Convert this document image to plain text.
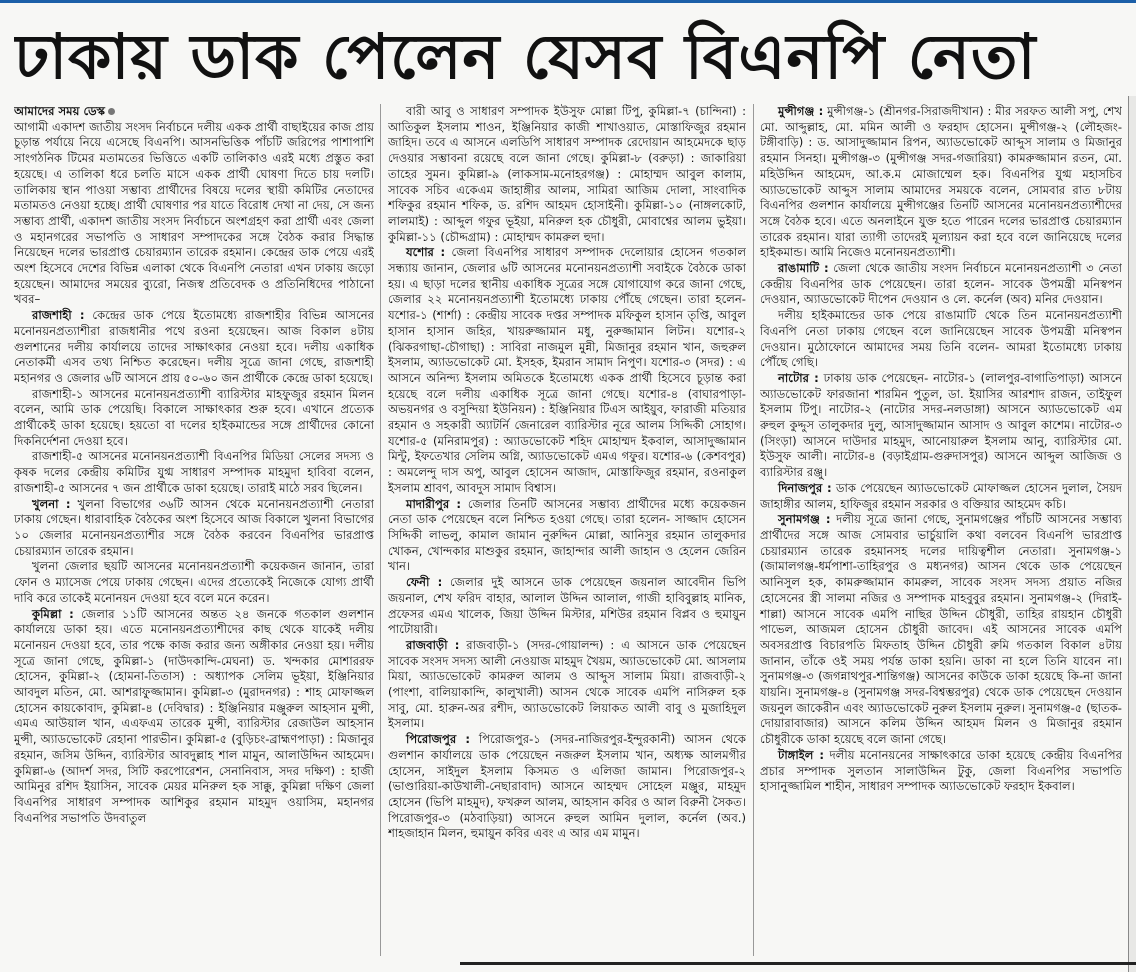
ঢাকায় ডাক পেলেন যেসব বিএনপি নেতা

আমাদের সময় ডেস্ক

আগামী একাদশ জাতীয় সংসদ নির্বাচনে দলীয় একক প্রার্থী বাছাইয়ের কাজ প্রায় চূড়ান্ত পর্যায়ে নিয়ে এসেছে বিএনপি। আসনভিত্তিক পাঁচটি জরিপের পাশাপাশি সাংগঠনিক টিমের মতামতের ভিত্তিতে একটি তালিকাও এরই মধ্যে প্রস্তুত করা হয়েছে। এ তালিকা ধরে চলতি মাসে একক প্রার্থী ঘোষণা দিতে চায় দলটি। তালিকায় স্থান পাওয়া সম্ভাব্য প্রার্থীদের বিষয়ে দলের স্থায়ী কমিটির নেতাদের মতামতও নেওয়া হচ্ছে। প্রার্থী ঘোষণার পর যাতে বিরোধ দেখা না দেয়, সে জন্য সম্ভাব্য প্রার্থী, একাদশ জাতীয় সংসদ নির্বাচনে অংশগ্রহণ করা প্রার্থী এবং জেলা ও মহানগরের সভাপতি ও সাধারণ সম্পাদকের সঙ্গে বৈঠক করার সিদ্ধান্ত নিয়েছেন দলের ভারপ্রাপ্ত চেয়ারম্যান তারেক রহমান। কেন্দ্রের ডাক পেয়ে এরই অংশ হিসেবে দেশের বিভিন্ন এলাকা থেকে বিএনপি নেতারা এখন ঢাকায় জড়ো হয়েছেন। আমাদের সময়ের ব্যুরো, নিজস্ব প্রতিবেদক ও প্রতিনিধিদের পাঠানো খবর–

রাজশাহী : কেন্দ্রের ডাক পেয়ে ইতোমধ্যে রাজশাহীর বিভিন্ন আসনের মনোনয়নপ্রত্যাশীরা রাজধানীর পথে রওনা হয়েছেন। আজ বিকাল ৪টায় গুলশানের দলীয় কার্যালয়ে তাদের সাক্ষাৎকার নেওয়া হবে। দলীয় একাধিক নেতাকর্মী এসব তথ্য নিশ্চিত করেছেন। দলীয় সূত্রে জানা গেছে, রাজশাহী মহানগর ও জেলার ৬টি আসনে প্রায় ৫০-৬০ জন প্রার্থীকে কেন্দ্রে ডাকা হয়েছে।

রাজশাহী-১ আসনের মনোনয়নপ্রত্যাশী ব্যারিস্টার মাহফুজুর রহমান মিলন বলেন, আমি ডাক পেয়েছি। বিকালে সাক্ষাৎকার শুরু হবে। এখানে প্রত্যেক প্রার্থীকেই ডাকা হয়েছে। হয়তো বা দলের হাইকমান্ডের সঙ্গে প্রার্থীদের কোনো দিকনির্দেশনা দেওয়া হবে।

রাজশাহী-৫ আসনের মনোনয়নপ্রত্যাশী বিএনপির মিডিয়া সেলের সদস্য ও কৃষক দলের কেন্দ্রীয় কমিটির যুগ্ম সাধারণ সম্পাদক মাহমুদা হাবিবা বলেন, রাজশাহী-৫ আসনের ৭ জন প্রার্থীকে ডাকা হয়েছে। তারাই মাঠে সরব ছিলেন।

খুলনা : খুলনা বিভাগের ৩৬টি আসন থেকে মনোনয়নপ্রত্যাশী নেতারা ঢাকায় গেছেন। ধারাবাহিক বৈঠকের অংশ হিসেবে আজ বিকালে খুলনা বিভাগের ১০ জেলার মনোনয়নপ্রত্যাশীর সঙ্গে বৈঠক করবেন বিএনপির ভারপ্রাপ্ত চেয়ারম্যান তারেক রহমান।

খুলনা জেলার ছয়টি আসনের মনোনয়নপ্রত্যাশী কয়েকজন জানান, তারা ফোন ও ম্যাসেজ পেয়ে ঢাকায় গেছেন। এদের প্রত্যেকেই নিজেকে যোগ্য প্রার্থী দাবি করে তাকেই মনোনয়ন দেওয়া হবে বলে মনে করেন।

কুমিল্লা : জেলার ১১টি আসনের অন্তত ২৪ জনকে গতকাল গুলশান কার্যালয়ে ডাকা হয়। এতে মনোনয়নপ্রত্যাশীদের কাছ থেকে যাকেই দলীয় মনোনয়ন দেওয়া হবে, তার পক্ষে কাজ করার জন্য অঙ্গীকার নেওয়া হয়। দলীয় সূত্রে জানা গেছে, কুমিল্লা-১ (দাউদকান্দি-মেঘনা) ড. খন্দকার মোশাররফ হোসেন, কুমিল্লা-২ (হোমনা-তিতাস) : অধ্যাপক সেলিম ভূইয়া, ইঞ্জিনিয়ার আবদুল মতিন, মো. আশরাফুজ্জামান। কুমিল্লা-৩ (মুরাদনগর) : শাহ মোফাজ্জল হোসেন কায়কোবাদ, কুমিল্লা-৪ (দেবিদ্বার) : ইঞ্জিনিয়ার মঞ্জুরুল আহসান মুন্সী, এমএ আউয়াল খান, এএফএম তারেক মুন্সী, ব্যারিস্টার রেজাউল আহসান মুন্সী, অ্যাডভোকেট রেহানা পারভীন। কুমিল্লা-৫ (বুড়িচং-ব্রাহ্মণপাড়া) : মিজানুর রহমান, জসিম উদ্দিন, ব্যারিস্টার আবদুল্লাহ শাল মামুন, আলাউদ্দিন আহমেদ। কুমিল্লা-৬ (আদর্শ সদর, সিটি করপোরেশন, সেনানিবাস, সদর দক্ষিণ) : হাজী আমিনুর রশিদ ইয়াসিন, সাবেক মেয়র মনিরুল হক সাক্কু, কুমিল্লা দক্ষিণ জেলা বিএনপির সাধারণ সম্পাদক আশিকুর রহমান মাহমুদ ওয়াসিম, মহানগর বিএনপির সভাপতি উদবাতুল

বারী আবু ও সাধারণ সম্পাদক ইউসুফ মোল্লা টিপু, কুমিল্লা-৭ (চান্দিনা) : আতিকুল ইসলাম শাওন, ইঞ্জিনিয়ার কাজী শাখাওয়াত, মোস্তাফিজুর রহমান জাহিদ। তবে এ আসনে এলডিপি সাধারণ সম্পাদক রেদোয়ান আহমেদকে ছাড় দেওয়ার সম্ভাবনা রয়েছে বলে জানা গেছে। কুমিল্লা-৮ (বরুড়া) : জাকারিয়া তাহের সুমন। কুমিল্লা-৯ (লাকসাম-মনোহরগঞ্জ) : মোহাম্মদ আবুল কালাম, সাবেক সচিব একেএম জাহাঙ্গীর আলম, সামিরা আজিম দোলা, সাংবাদিক শফিকুর রহমান শফিক, ড. রশিদ আহমদ হোসাইনী। কুমিল্লা-১০ (নাঙ্গলকোট, লালমাই) : আব্দুল গফুর ভূইয়া, মনিরুল হক চৌধুরী, মোবাশ্বের আলম ভুইয়া। কুমিল্লা-১১ (চৌদ্দগ্রাম) : মোহাম্মদ কামরুল হুদা।

যশোর : জেলা বিএনপির সাধারণ সম্পাদক দেলোয়ার হোসেন গতকাল সন্ধ্যায় জানান, জেলার ৬টি আসনের মনোনয়নপ্রত্যাশী সবাইকে বৈঠকে ডাকা হয়। এ ছাড়া দলের স্থানীয় একাধিক সূত্রের সঙ্গে যোগাযোগ করে জানা গেছে, জেলার ২২ মনোনয়নপ্রত্যাশী ইতোমধ্যে ঢাকায় পৌঁছে গেছেন। তারা হলেন- যশোর-১ (শার্শা) : কেন্দ্রীয় সাবেক দপ্তর সম্পাদক মফিকুল হাসান তৃপ্তি, আবুল হাসান হাসান জহির, খায়রুজ্জামান মধু, নুরুজ্জামান লিটন। যশোর-২ (ঝিকরগাছা-চৌগাছা) : সাবিরা নাজমুল মুন্নী, মিজানুর রহমান খান, জহুরুল ইসলাম, অ্যাডভোকেট মো. ইসহক, ইমরান সামাদ নিপুণ। যশোর-৩ (সদর) : এ আসনে অনিন্দ্য ইসলাম অমিতকে ইতোমধ্যে একক প্রার্থী হিসেবে চূড়ান্ত করা হয়েছে বলে দলীয় একাধিক সূত্রে জানা গেছে। যশোর-৪ (বাঘারপাড়া-অভয়নগর ও বসুন্দিয়া ইউনিয়ন) : ইঞ্জিনিয়ার টিএস আইয়ুব, ফারাজী মতিয়ার রহমান ও সহকারী অ্যাটর্নি জেনারেল ব্যারিস্টার নূরে আলম সিদ্দিকী সোহাগ। যশোর-৫ (মনিরামপুর) : অ্যাডভোকেট শহিদ মোহাম্মদ ইকবাল, আসাদুজ্জামান মিন্টু, ইফতেখার সেলিম অগ্নি, অ্যাডভোকেট এমএ গফুর। যশোর-৬ (কেশবপুর) : অমলেন্দু দাস অপু, আবুল হোসেন আজাদ, মোস্তাফিজুর রহমান, রওনাকুল ইসলাম শ্রাবণ, আবদুস সামাদ বিশ্বাস।

মাদারীপুর : জেলার তিনটি আসনের সম্ভাব্য প্রার্থীদের মধ্যে কয়েকজন নেতা ডাক পেয়েছেন বলে নিশ্চিত হওয়া গেছে। তারা হলেন- সাজ্জাদ হোসেন সিদ্দিকী লাভলু, কামাল জামান নুরুদ্দিন মোল্লা, আনিসুর রহমান তালুকদার খোকন, খোন্দকার মাশুকুর রহমান, জাহান্দার আলী জাহান ও হেলেন জেরিন খান।

ফেনী : জেলার দুই আসনে ডাক পেয়েছেন জয়নাল আবেদীন ভিপি জয়নাল, শেখ ফরিদ বাহার, আলাল উদ্দিন আলাল, গাজী হাবিবুল্লাহ মানিক, প্রফেসর এমএ খালেক, জিয়া উদ্দিন মিস্টার, মশিউর রহমান বিপ্লব ও হুমায়ুন পাটোয়ারী।

রাজবাড়ী : রাজবাড়ী-১ (সদর-গোয়ালন্দ) : এ আসনে ডাক পেয়েছেন সাবেক সংসদ সদস্য আলী নেওয়াজ মাহমুদ খৈয়ম, অ্যাডভোকেট মো. আসলাম মিয়া, অ্যাডভোকেট কামরুল আলম ও আব্দুস সালাম মিয়া। রাজবাড়ী-২ (পাংশা, বালিয়াকান্দি, কালুখালী) আসন থেকে সাবেক এমপি নাসিরুল হক সাবু, মো. হারুন-অর রশীদ, অ্যাডভোকেট লিয়াকত আলী বাবু ও মুজাহিদুল ইসলাম।

পিরোজপুর : পিরোজপুর-১ (সদর-নাজিরপুর-ইন্দুরকানী) আসন থেকে গুলশান কার্যালয়ে ডাক পেয়েছেন নজরুল ইসলাম খান, অধ্যক্ষ আলমগীর হোসেন, সাইদুল ইসলাম কিসমত ও এলিজা জামান। পিরোজপুর-২ (ভাণ্ডারিয়া-কাউখালী-নেছারাবাদ) আসনে আহম্মদ সোহেল মঞ্জুর, মাহমুদ হোসেন (ভিপি মাহমুদ), ফখরুল আলম, আহসান কবির ও আল বিরুনী সৈকত। পিরোজপুর-৩ (মঠবাড়িয়া) আসনে রুহুল আমিন দুলাল, কর্নেল (অব.) শাহজাহান মিলন, হুমায়ুন কবির এবং এ আর এম মামুন।

মুন্সীগঞ্জ : মুন্সীগঞ্জ-১ (শ্রীনগর-সিরাজদীখান) : মীর সরফত আলী সপু, শেখ মো. আব্দুল্লাহ, মো. মমিন আলী ও ফরহাদ হোসেন। মুন্সীগঞ্জ-২ (লৌহজং-টঙ্গীবাড়ি) : ড. আসাদুজ্জামান রিপন, অ্যাডভোকেট আব্দুস সালাম ও মিজানুর রহমান সিনহা। মুন্সীগঞ্জ-৩ (মুন্সীগঞ্জ সদর-গজারিয়া) কামরুজ্জামান রতন, মো. মহিউদ্দিন আহমেদ, আ.ক.ম মোজাম্মেল হক। বিএনপির যুগ্ম মহাসচিব অ্যাডভোকেট আব্দুস সালাম আমাদের সময়কে বলেন, সোমবার রাত ৮টায় বিএনপির গুলশান কার্যালয়ে মুন্সীগঞ্জের তিনটি আসনের মনোনয়নপ্রত্যাশীদের সঙ্গে বৈঠক হবে। এতে অনলাইনে যুক্ত হতে পারেন দলের ভারপ্রাপ্ত চেয়ারম্যান তারেক রহমান। যারা ত্যাগী তাদেরই মূল্যায়ন করা হবে বলে জানিয়েছে দলের হাইকমান্ড। আমি নিজেও মনোনয়নপ্রত্যাশী।

রাঙামাটি : জেলা থেকে জাতীয় সংসদ নির্বাচনে মনোনয়নপ্রত্যাশী ৩ নেতা কেন্দ্রীয় বিএনপির ডাক পেয়েছেন। তারা হলেন- সাবেক উপমন্ত্রী মনিস্বপন দেওয়ান, অ্যাডভোকেট দীপেন দেওয়ান ও লে. কর্নেল (অব) মনির দেওয়ান।

দলীয় হাইকমান্ডের ডাক পেয়ে রাঙামাটি থেকে তিন মনোনয়নপ্রত্যাশী বিএনপি নেতা ঢাকায় গেছেন বলে জানিয়েছেন সাবেক উপমন্ত্রী মনিস্বপন দেওয়ান। মুঠোফোনে আমাদের সময় তিনি বলেন- আমরা ইতোমধ্যে ঢাকায় পৌঁছে গেছি।

নাটোর : ঢাকায় ডাক পেয়েছেন- নাটোর-১ (লালপুর-বাগাতিপাড়া) আসনে অ্যাডভোকেট ফারজানা শারমিন পুতুল, ডা. ইয়াসির আরশাদ রাজন, তাইফুল ইসলাম টিপু। নাটোর-২ (নাটোর সদর-নলডাঙ্গা) আসনে অ্যাডভোকেট এম রুহুল কুদ্দুস তালুকদার দুলু, আসাদুজ্জামান আসাদ ও আবুল কাশেম। নাটোর-৩ (সিংড়া) আসনে দাউদার মাহমুদ, আনোয়ারুল ইসলাম আনু, ব্যারিস্টার মো. ইউসুফ আলী। নাটোর-৪ (বড়াইগ্রাম-গুরুদাসপুর) আসনে আব্দুল আজিজ ও ব্যারিস্টার রঞ্জু।

দিনাজপুর : ডাক পেয়েছেন অ্যাডভোকেট মোফাজ্জল হোসেন দুলাল, সৈয়দ জাহাঙ্গীর আলম, হাফিজুর রহমান সরকার ও বক্তিয়ার আহমেদ কচি।

সুনামগঞ্জ : দলীয় সূত্রে জানা গেছে, সুনামগঞ্জের পাঁচটি আসনের সম্ভাব্য প্রার্থীদের সঙ্গে আজ সোমবার ভার্চুয়ালি কথা বলবেন বিএনপি ভারপ্রাপ্ত চেয়ারম্যান তারেক রহমানসহ দলের দায়িত্বশীল নেতারা। সুনামগঞ্জ-১ (জামালগঞ্জ-ধর্মপাশা-তাহিরপুর ও মধ্যনগর) আসন থেকে ডাক পেয়েছেন আনিসুল হক, কামরুজ্জামান কামরুল, সাবেক সংসদ সদস্য প্রয়াত নজির হোসেনের স্ত্রী সালমা নজির ও সম্পাদক মাহবুবুর রহমান। সুনামগঞ্জ-২ (দিরাই-শাল্লা) আসনে সাবেক এমপি নাছির উদ্দিন চৌধুরী, তাহির রায়হান চৌধুরী পাভেল, আজমল হোসেন চৌধুরী জাবেদ। এই আসনের সাবেক এমপি অবসরপ্রাপ্ত বিচারপতি মিফতাহ উদ্দিন চৌধুরী রুমি গতকাল বিকাল ৪টায় জানান, তাঁকে ওই সময় পর্যন্ত ডাকা হয়নি। ডাকা না হলে তিনি যাবেন না। সুনামগঞ্জ-৩ (জগন্নাথপুর-শান্তিগঞ্জ) আসনের কাউকে ডাকা হয়েছে কি-না জানা যায়নি। সুনামগঞ্জ-৪ (সুনামগঞ্জ সদর-বিশ্বম্ভরপুর) থেকে ডাক পেয়েছেন দেওয়ান জয়নুল জাকেরীন এবং অ্যাডভোকেট নুরুল ইসলাম নুরুল। সুনামগঞ্জ-৫ (ছাতক-দোয়ারাবাজার) আসনে কলিম উদ্দিন আহমদ মিলন ও মিজানুর রহমান চৌধুরীকে ডাকা হয়েছে বলে জানা গেছে।

টাঙ্গাইল : দলীয় মনোনয়নের সাক্ষাৎকারে ডাকা হয়েছে কেন্দ্রীয় বিএনপির প্রচার সম্পাদক সুলতান সালাউদ্দিন টুকু, জেলা বিএনপির সভাপতি হাসানুজ্জামিল শাহীন, সাধারণ সম্পাদক অ্যাডভোকেট ফরহাদ ইকবাল।
